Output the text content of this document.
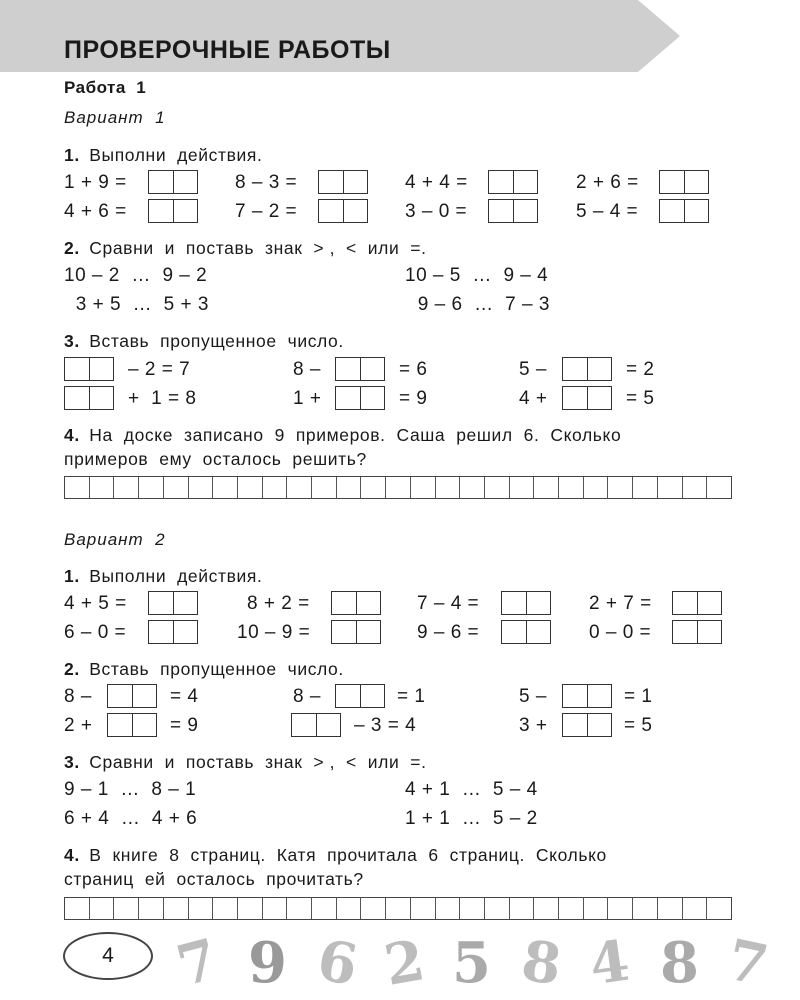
ПРОВЕРОЧНЫЕ РАБОТЫ
Работа  1
Вариант  1
1. Выполни  действия.
1 + 9 =	8 – 3 =	4 + 4 =	2 + 6 =
4 + 6 =	7 – 2 =	3 – 0 =	5 – 4 =
2. Сравни  и  поставь  знак  > ,  <  или  =.
10 – 2  …  9 – 2	10 – 5  …  9 – 4
3 + 5  …  5 + 3	9 – 6  …  7 – 3
3. Вставь  пропущенное  число.
– 2 = 7	8 –	= 6	5 –	= 2
+  1 = 8	1 +	= 9	4 +	= 5
4. На  доске  записано  9  примеров.  Саша  решил  6.  Сколько
примеров  ему  осталось  решить?
Вариант  2
1. Выполни  действия.
4 + 5 =	8 + 2 =	7 – 4 =	2 + 7 =
6 – 0 =	10 – 9 =	9 – 6 =	0 – 0 =
2. Вставь  пропущенное  число.
8 –	= 4	8 –	= 1	5 –	= 1
2 +	= 9	– 3 = 4	3 +	= 5
3. Сравни  и  поставь  знак  > ,  <  или  =.
9 – 1  …  8 – 1	4 + 1  …  5 – 4
6 + 4  …  4 + 6	1 + 1  …  5 – 2
4. В  книге  8  страниц.  Катя  прочитала  6  страниц.  Сколько
страниц  ей  осталось  прочитать?
4 7 9 6 2 5 8 4 8 7
